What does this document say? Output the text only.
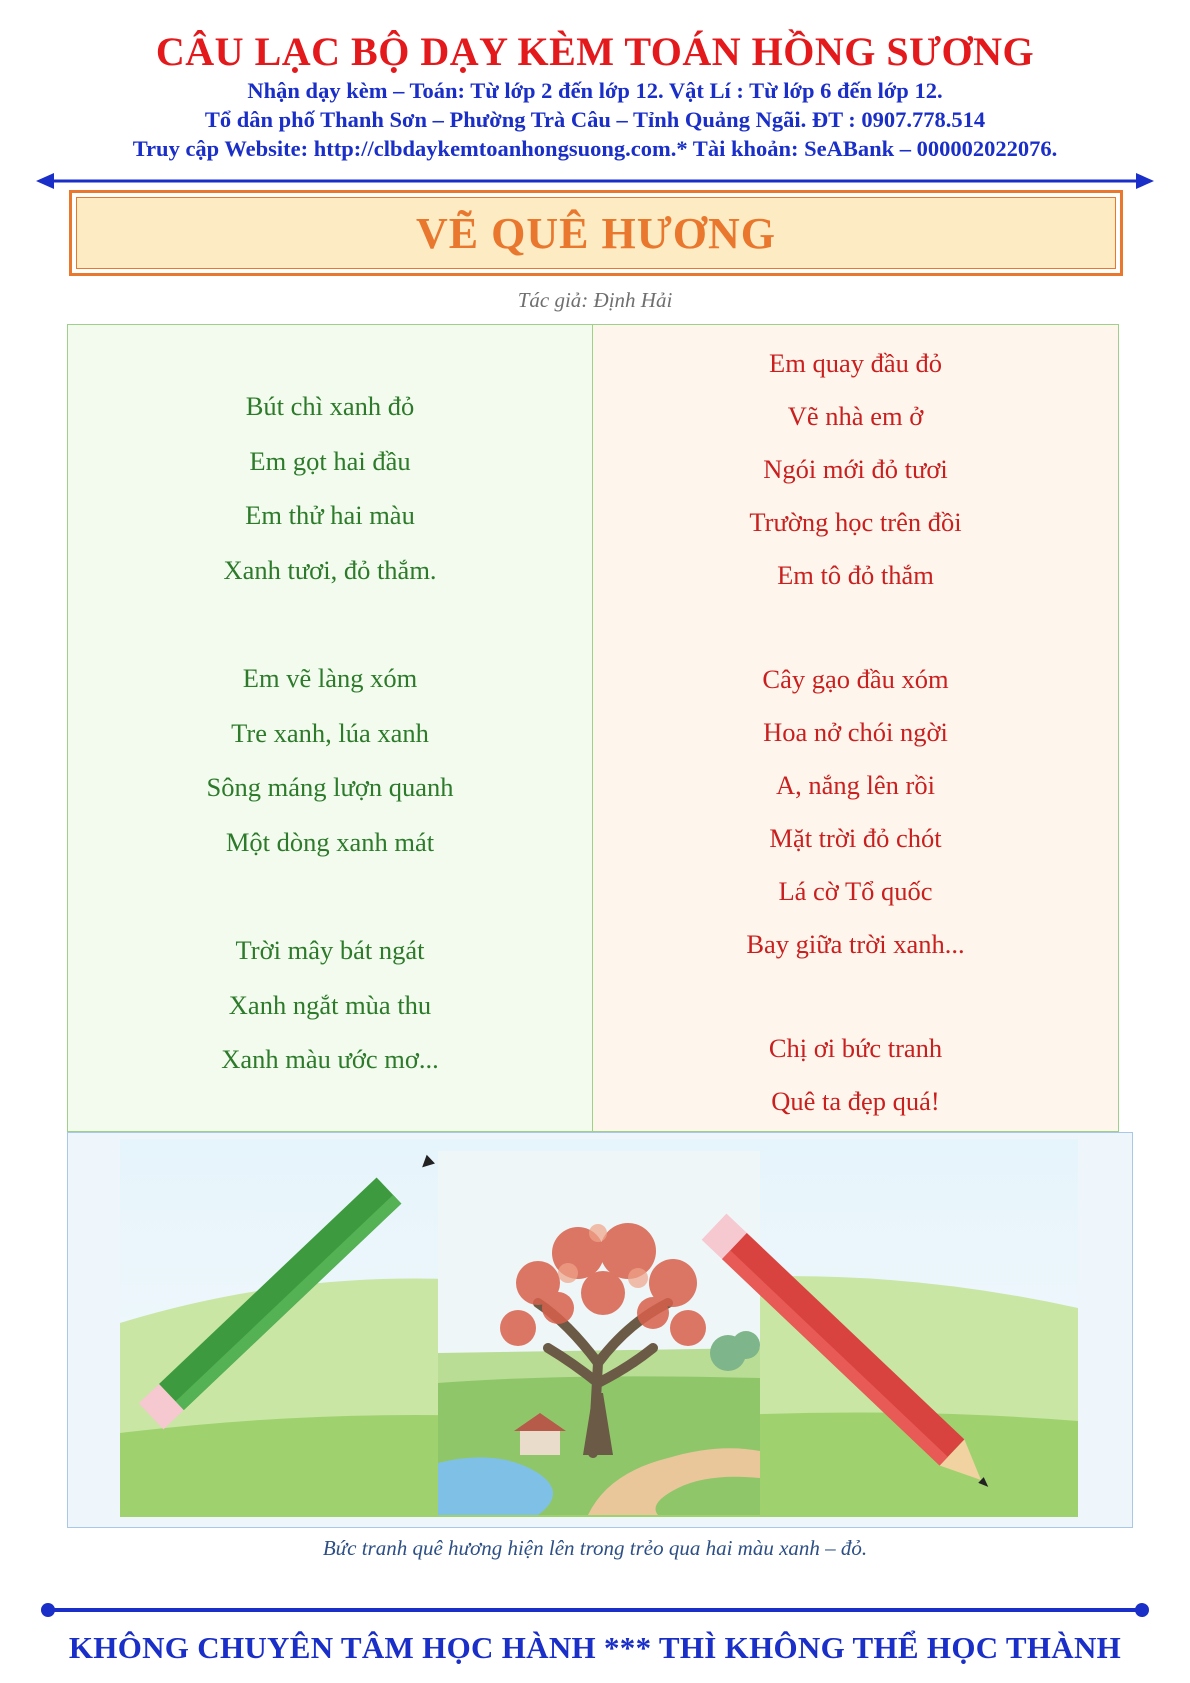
CÂU LẠC BỘ DẠY KÈM TOÁN HỒNG SƯƠNG
Nhận dạy kèm – Toán: Từ lớp 2 đến lớp 12. Vật Lí : Từ lớp 6 đến lớp 12.
Tổ dân phố Thanh Sơn – Phường Trà Câu – Tỉnh Quảng Ngãi. ĐT : 0907.778.514
Truy cập Website: http://clbdaykemtoanhongsuong.com.* Tài khoản: SeABank – 000002022076.
VẼ QUÊ HƯƠNG
Tác giả: Định Hải

Bút chì xanh đỏ

Em gọt hai đầu

Em thử hai màu

Xanh tươi, đỏ thắm.

Em vẽ làng xóm

Tre xanh, lúa xanh

Sông máng lượn quanh

Một dòng xanh mát

Trời mây bát ngát

Xanh ngắt mùa thu

Xanh màu ước mơ...

Em quay đầu đỏ

Vẽ nhà em ở

Ngói mới đỏ tươi

Trường học trên đồi

Em tô đỏ thắm

Cây gạo đầu xóm

Hoa nở chói ngời

A, nắng lên rồi

Mặt trời đỏ chót

Lá cờ Tổ quốc

Bay giữa trời xanh...

Chị ơi bức tranh

Quê ta đẹp quá!

Bức tranh quê hương hiện lên trong trẻo qua hai màu xanh – đỏ.
KHÔNG CHUYÊN TÂM HỌC HÀNH *** THÌ KHÔNG THỂ HỌC THÀNH
